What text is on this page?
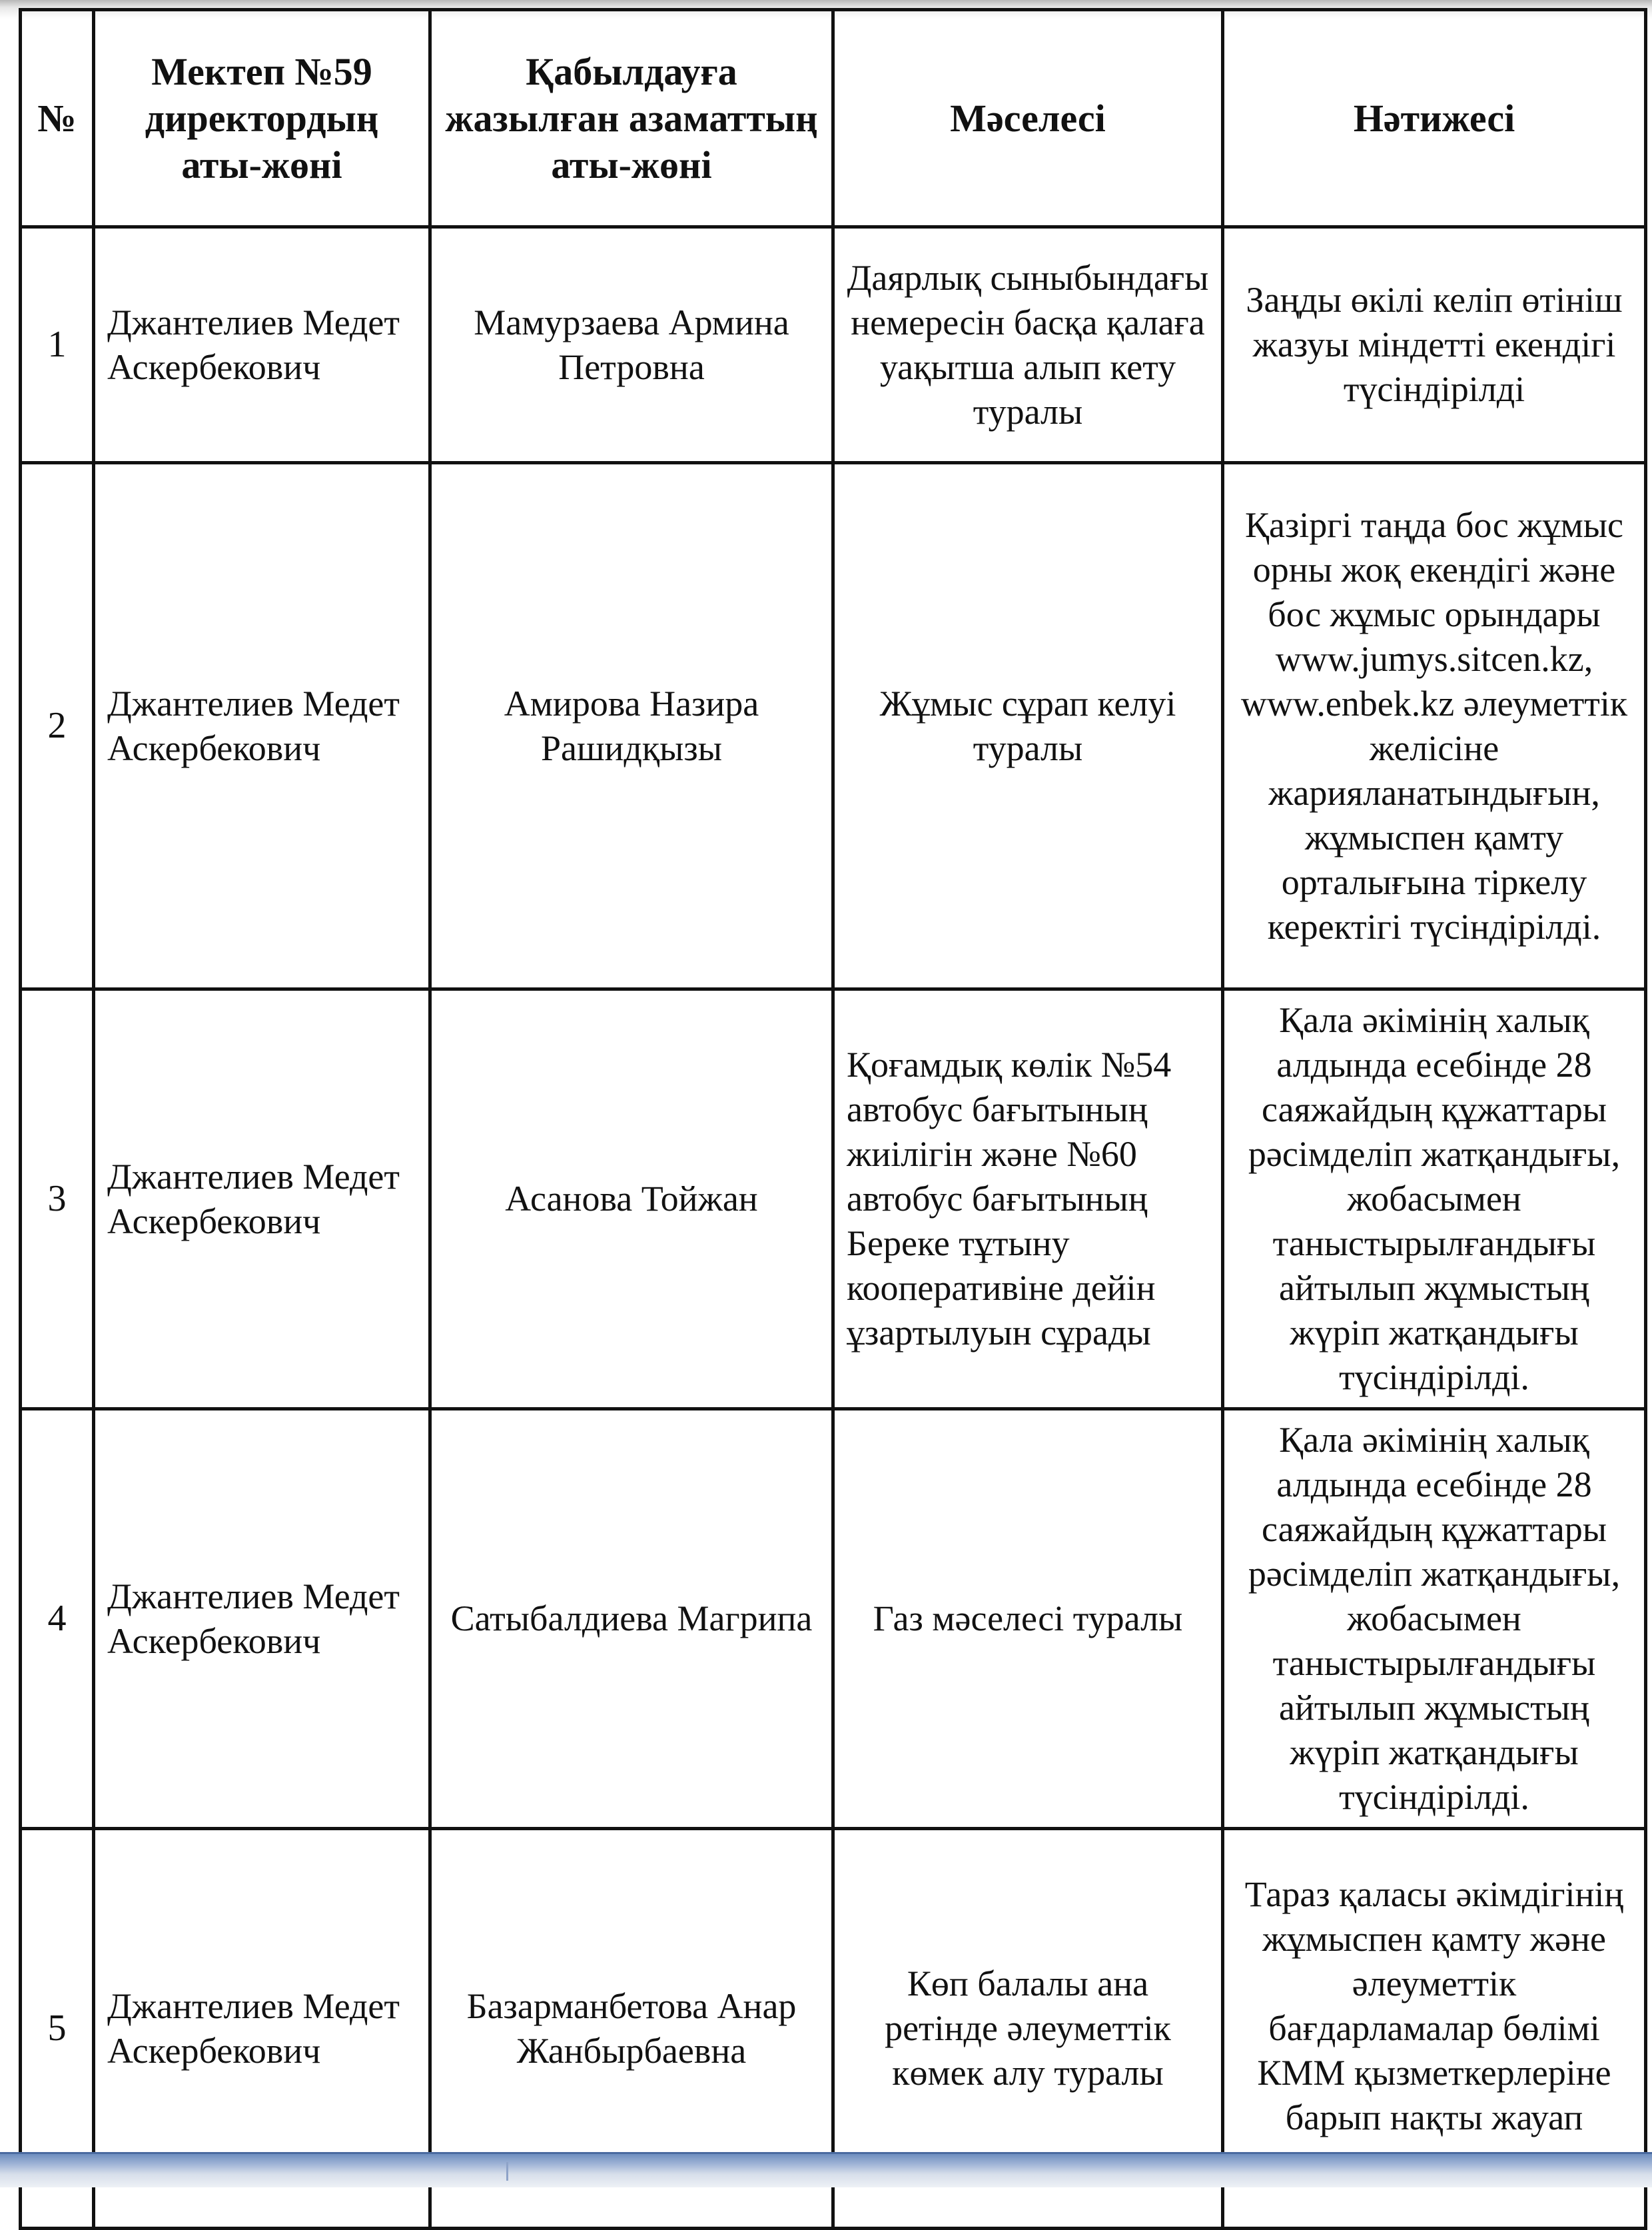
№	Мектеп №59 директордың аты-жөні	Қабылдауға жазылған азаматтың аты-жөні	Мәселесі	Нәтижесі
1	Джантелиев Медет Аскербекович	Мамурзаева Армина Петровна	Даярлық сыныбындағы немересін басқа қалаға уақытша алып кету туралы	Заңды өкілі келіп өтініш жазуы міндетті екендігі түсіндірілді
2	Джантелиев Медет Аскербекович	Амирова Назира Рашидқызы	Жұмыс сұрап келуі туралы	Қазіргі таңда бос жұмыс орны жоқ екендігі және бос жұмыс орындары www.jumys.sitcen.kz, www.enbek.kz әлеуметтік желісіне жарияланатындығын, жұмыспен қамту орталығына тіркелу керектігі түсіндірілді.
3	Джантелиев Медет Аскербекович	Асанова Тойжан	Қоғамдық көлік №54 автобус бағытының жиілігін және №60 автобус бағытының Береке тұтыну кооперативіне дейін ұзартылуын сұрады	Қала әкімінің халық алдында есебінде 28 саяжайдың құжаттары рәсімделіп жатқандығы, жобасымен таныстырылғандығы айтылып жұмыстың жүріп жатқандығы түсіндірілді.
4	Джантелиев Медет Аскербекович	Сатыбалдиева Магрипа	Газ мәселесі туралы	Қала әкімінің халық алдында есебінде 28 саяжайдың құжаттары рәсімделіп жатқандығы, жобасымен таныстырылғандығы айтылып жұмыстың жүріп жатқандығы түсіндірілді.
5	Джантелиев Медет Аскербекович	Базарманбетова Анар Жанбырбаевна	Көп балалы ана ретінде әлеуметтік көмек алу туралы	Тараз қаласы әкімдігінің жұмыспен қамту және әлеуметтік бағдарламалар бөлімі КММ қызметкерлеріне барып нақты жауап
